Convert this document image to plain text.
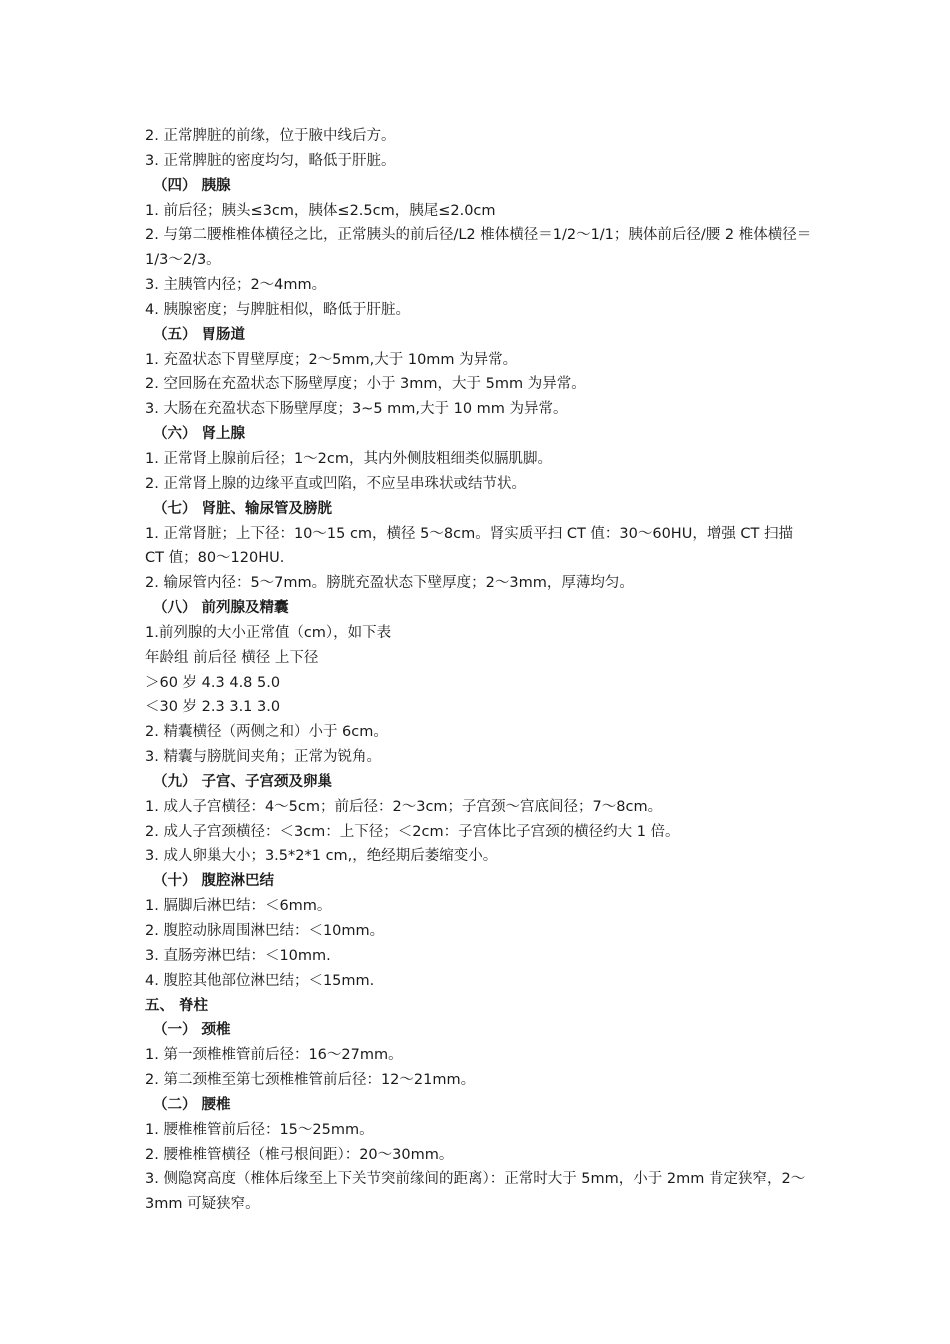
2. 正常脾脏的前缘，位于腋中线后方。
3. 正常脾脏的密度均匀，略低于肝脏。
（四） 胰腺
1. 前后径；胰头≤3cm，胰体≤2.5cm，胰尾≤2.0cm
2. 与第二腰椎椎体横径之比，正常胰头的前后径/L2 椎体横径＝1/2～1/1；胰体前后径/腰 2 椎体横径＝1/3～2/3。
3. 主胰管内径；2～4mm。
4. 胰腺密度；与脾脏相似，略低于肝脏。
（五） 胃肠道
1. 充盈状态下胃壁厚度；2～5mm,大于 10mm 为异常。
2. 空回肠在充盈状态下肠壁厚度；小于 3mm，大于 5mm 为异常。
3. 大肠在充盈状态下肠壁厚度；3~5 mm,大于 10 mm 为异常。
（六） 肾上腺
1. 正常肾上腺前后径；1～2cm，其内外侧肢粗细类似膈肌脚。
2. 正常肾上腺的边缘平直或凹陷，不应呈串珠状或结节状。
（七） 肾脏、输尿管及膀胱
1. 正常肾脏；上下径：10～15 cm，横径 5～8cm。肾实质平扫 CT 值：30～60HU，增强 CT 扫描 CT 值；80～120HU.
2. 输尿管内径：5～7mm。膀胱充盈状态下壁厚度；2～3mm，厚薄均匀。
（八） 前列腺及精囊
1.前列腺的大小正常值（cm），如下表
年龄组 前后径 横径 上下径
＞60 岁 4.3 4.8 5.0
＜30 岁 2.3 3.1 3.0
2. 精囊横径（两侧之和）小于 6cm。
3. 精囊与膀胱间夹角；正常为锐角。
（九） 子宫、子宫颈及卵巢
1. 成人子宫横径：4～5cm；前后径：2～3cm；子宫颈～宫底间径；7～8cm。
2. 成人子宫颈横径：＜3cm：上下径；＜2cm：子宫体比子宫颈的横径约大 1 倍。
3. 成人卵巢大小；3.5*2*1 cm,，绝经期后萎缩变小。
（十） 腹腔淋巴结
1. 膈脚后淋巴结：＜6mm。
2. 腹腔动脉周围淋巴结：＜10mm。
3. 直肠旁淋巴结：＜10mm.
4. 腹腔其他部位淋巴结；＜15mm.
五、 脊柱
（一） 颈椎
1. 第一颈椎椎管前后径：16～27mm。
2. 第二颈椎至第七颈椎椎管前后径：12～21mm。
（二） 腰椎
1. 腰椎椎管前后径：15～25mm。
2. 腰椎椎管横径（椎弓根间距）：20～30mm。
3. 侧隐窝高度（椎体后缘至上下关节突前缘间的距离）：正常时大于 5mm，小于 2mm 肯定狭窄，2～3mm 可疑狭窄。
